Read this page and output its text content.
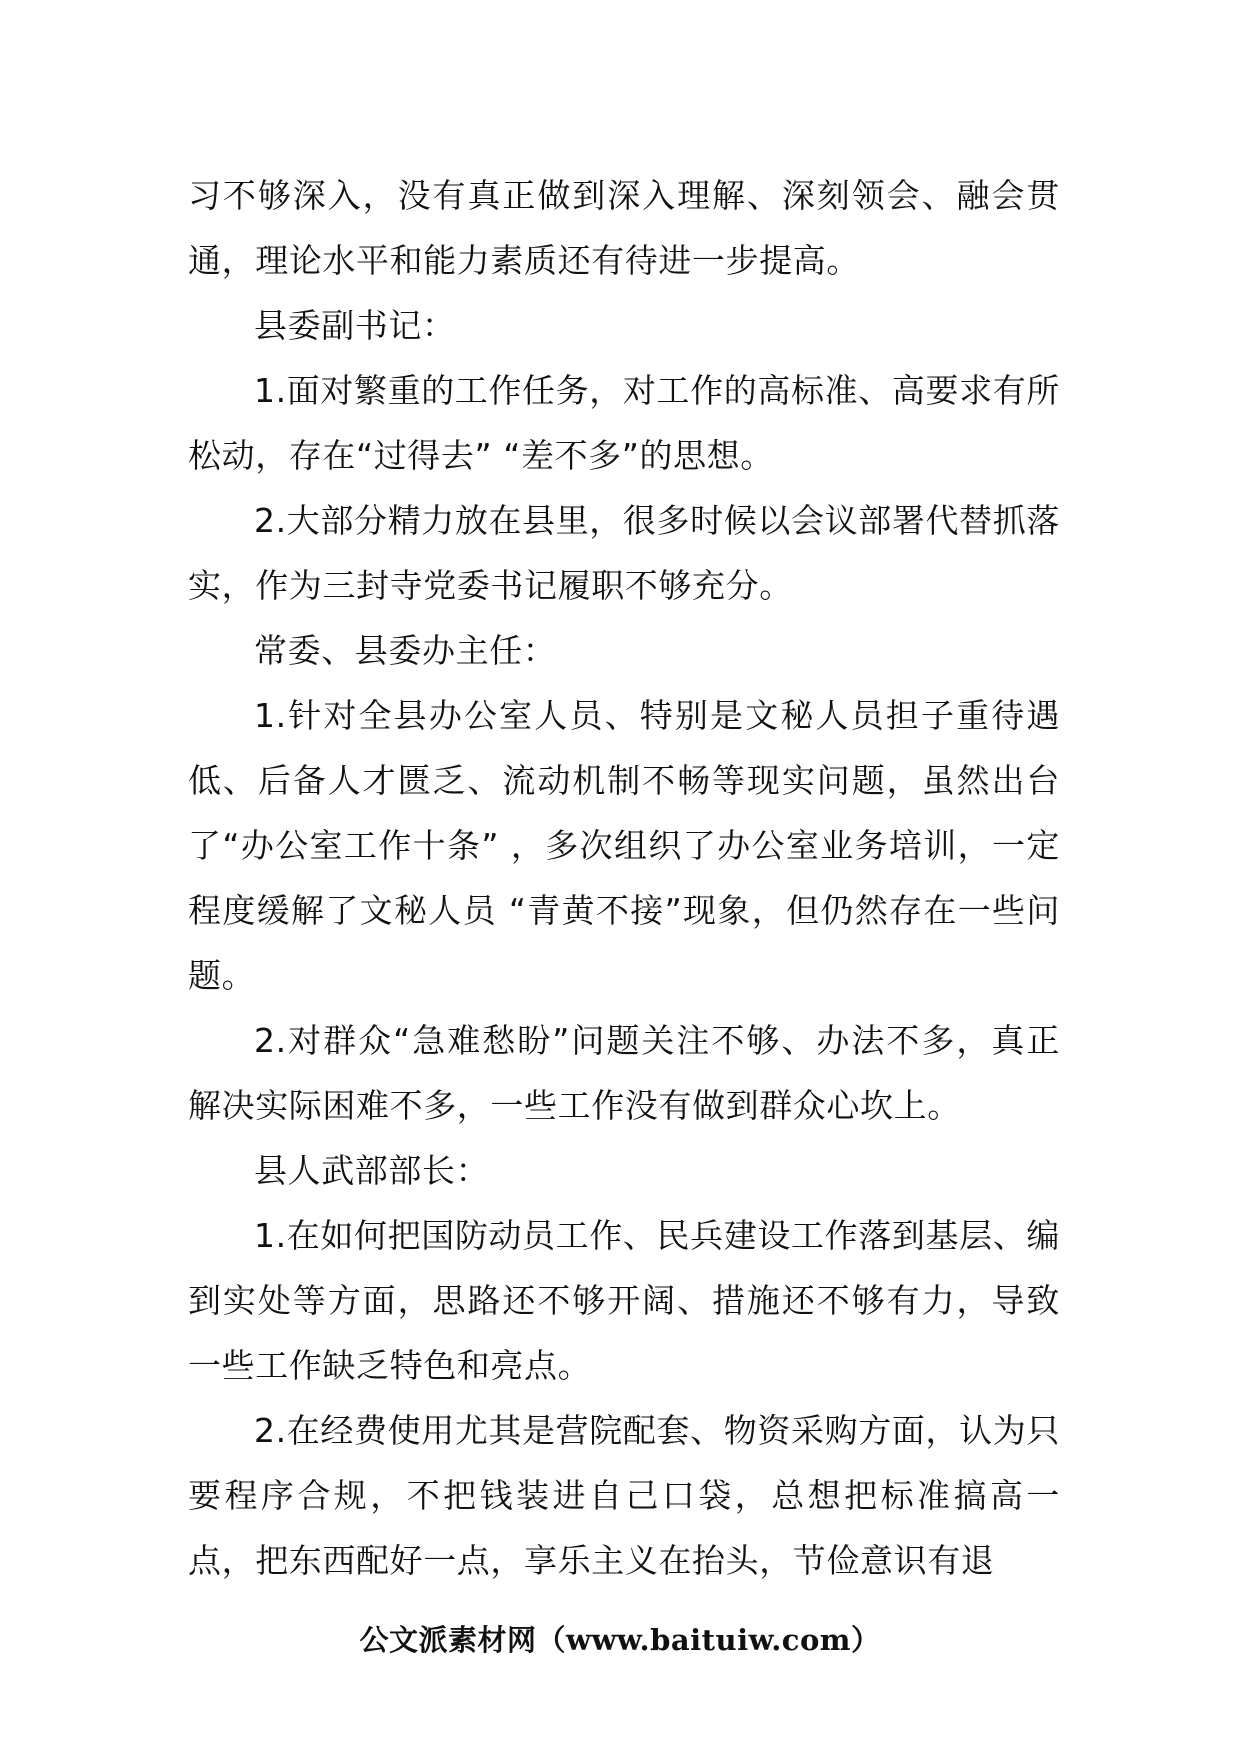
习不够深入，没有真正做到深入理解、深刻领会、融会贯通，理论水平和能力素质还有待进一步提高。

县委副书记：

1.面对繁重的工作任务，对工作的高标准、高要求有所松动，存在“过得去” “差不多”的思想。

2.大部分精力放在县里，很多时候以会议部署代替抓落实，作为三封寺党委书记履职不够充分。

常委、县委办主任：

1.针对全县办公室人员、特别是文秘人员担子重待遇低、后备人才匮乏、流动机制不畅等现实问题，虽然出台了“办公室工作十条” ，多次组织了办公室业务培训，一定程度缓解了文秘人员 “青黄不接”现象，但仍然存在一些问题。

2.对群众“急难愁盼”问题关注不够、办法不多，真正解决实际困难不多，一些工作没有做到群众心坎上。

县人武部部长：

1.在如何把国防动员工作、民兵建设工作落到基层、编到实处等方面，思路还不够开阔、措施还不够有力，导致一些工作缺乏特色和亮点。

2.在经费使用尤其是营院配套、物资采购方面，认为只要程序合规，不把钱装进自己口袋，总想把标准搞高一点，把东西配好一点，享乐主义在抬头，节俭意识有退

公文派素材网（www.baituiw.com）
